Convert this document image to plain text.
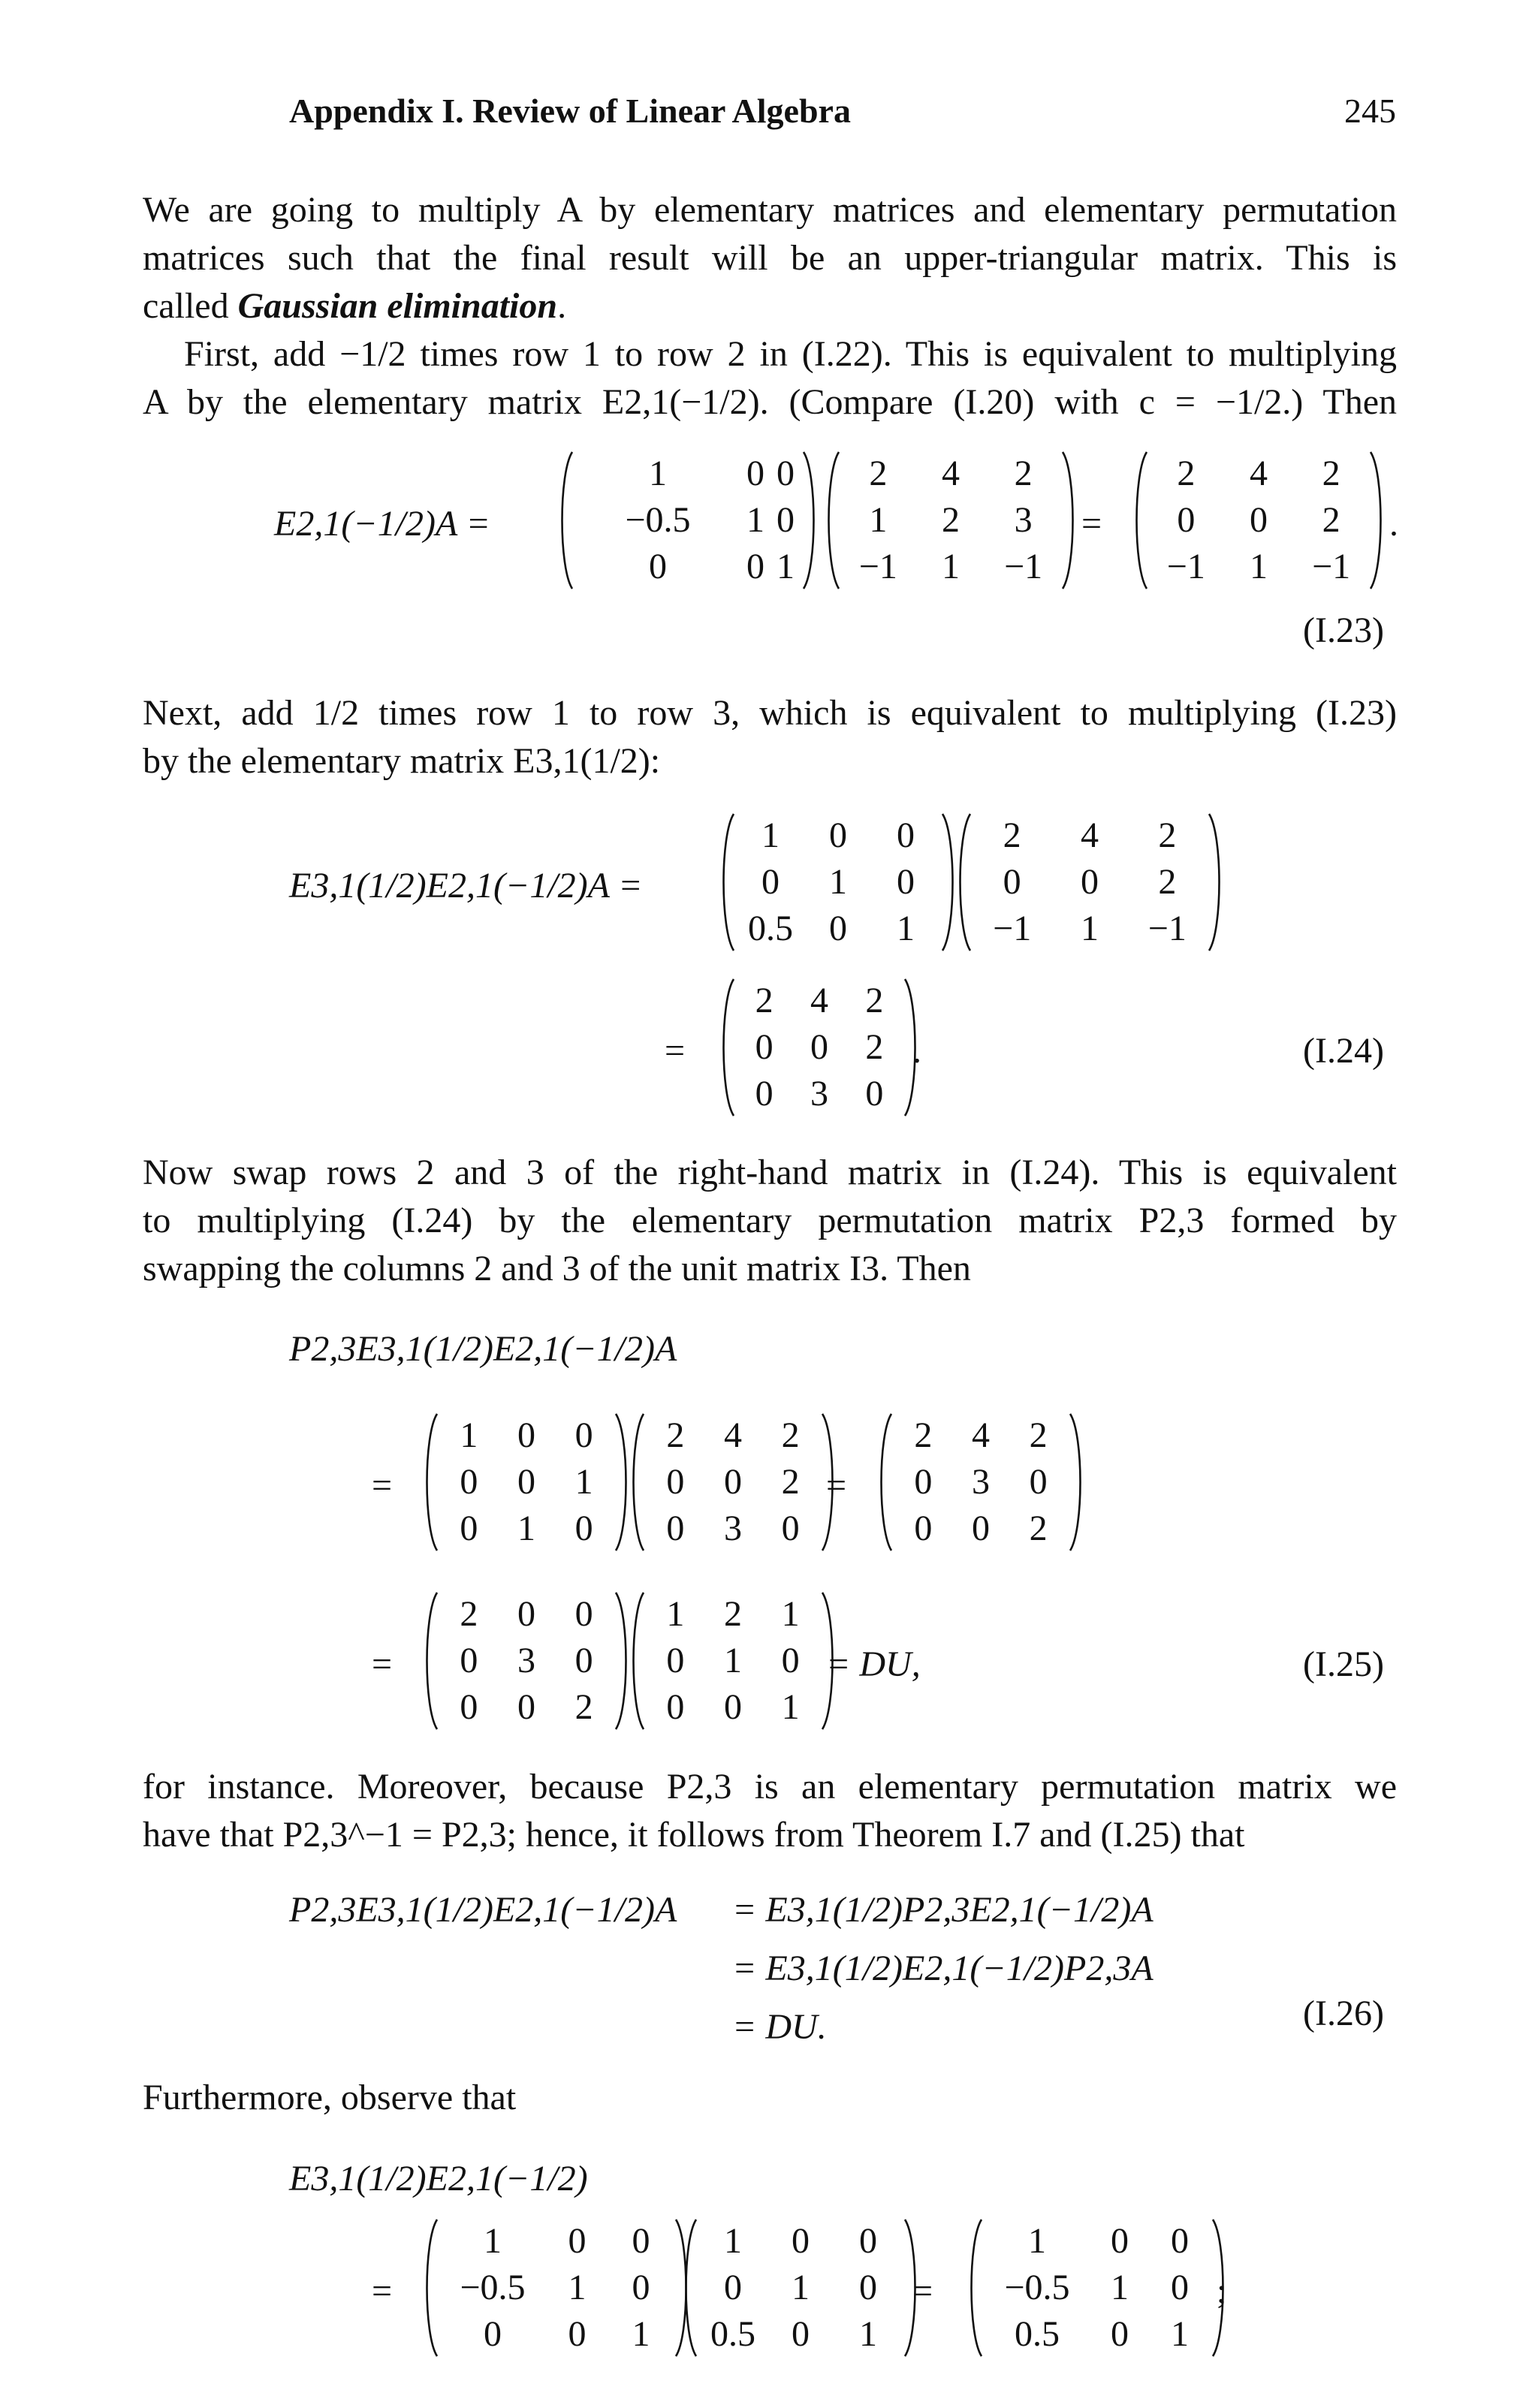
Appendix I. Review of Linear Algebra	245
We are going to multiply A by elementary matrices and elementary permutation
matrices such that the final result will be an upper-triangular matrix. This is
called Gaussian elimination.
First, add −1/2 times row 1 to row 2 in (I.22). This is equivalent to multiplying
A by the elementary matrix E2,1(−1/2). (Compare (I.20) with c = −1/2.) Then
E2,1(−1/2)A =
1	0 0
−0.5	1 0
0	0 1
2	4	2
1	2	3
−1	1	−1
=
2	4	2
0	0	2
−1	1	−1
.
(I.23)
Next, add 1/2 times row 1 to row 3, which is equivalent to multiplying (I.23)
by the elementary matrix E3,1(1/2):
E3,1(1/2)E2,1(−1/2)A =
1	0	0
0	1	0
0.5	0	1
2	4	2
0	0	2
−1	1	−1
=
2	4	2
0	0	2
0	3	0
.	(I.24)
Now swap rows 2 and 3 of the right-hand matrix in (I.24). This is equivalent
to multiplying (I.24) by the elementary permutation matrix P2,3 formed by
swapping the columns 2 and 3 of the unit matrix I3. Then
P2,3E3,1(1/2)E2,1(−1/2)A
=
1	0	0
0	0	1
0	1	0
2	4	2
0	0	2
0	3	0
=
2	4	2
0	3	0
0	0	2
=
2	0	0
0	3	0
0	0	2
1	2	1
0	1	0
0	0	1
= DU,	(I.25)
for instance. Moreover, because P2,3 is an elementary permutation matrix we
have that P2,3^−1 = P2,3; hence, it follows from Theorem I.7 and (I.25) that
P2,3E3,1(1/2)E2,1(−1/2)A = E3,1(1/2)P2,3E2,1(−1/2)A
= E3,1(1/2)E2,1(−1/2)P2,3A
= DU.	(I.26)
Furthermore, observe that
E3,1(1/2)E2,1(−1/2)
=
1	0	0
−0.5	1	0
0	0	1
1	0	0
0	1	0
0.5	0	1
=
1	0	0
−0.5	1	0
0.5	0	1
;
